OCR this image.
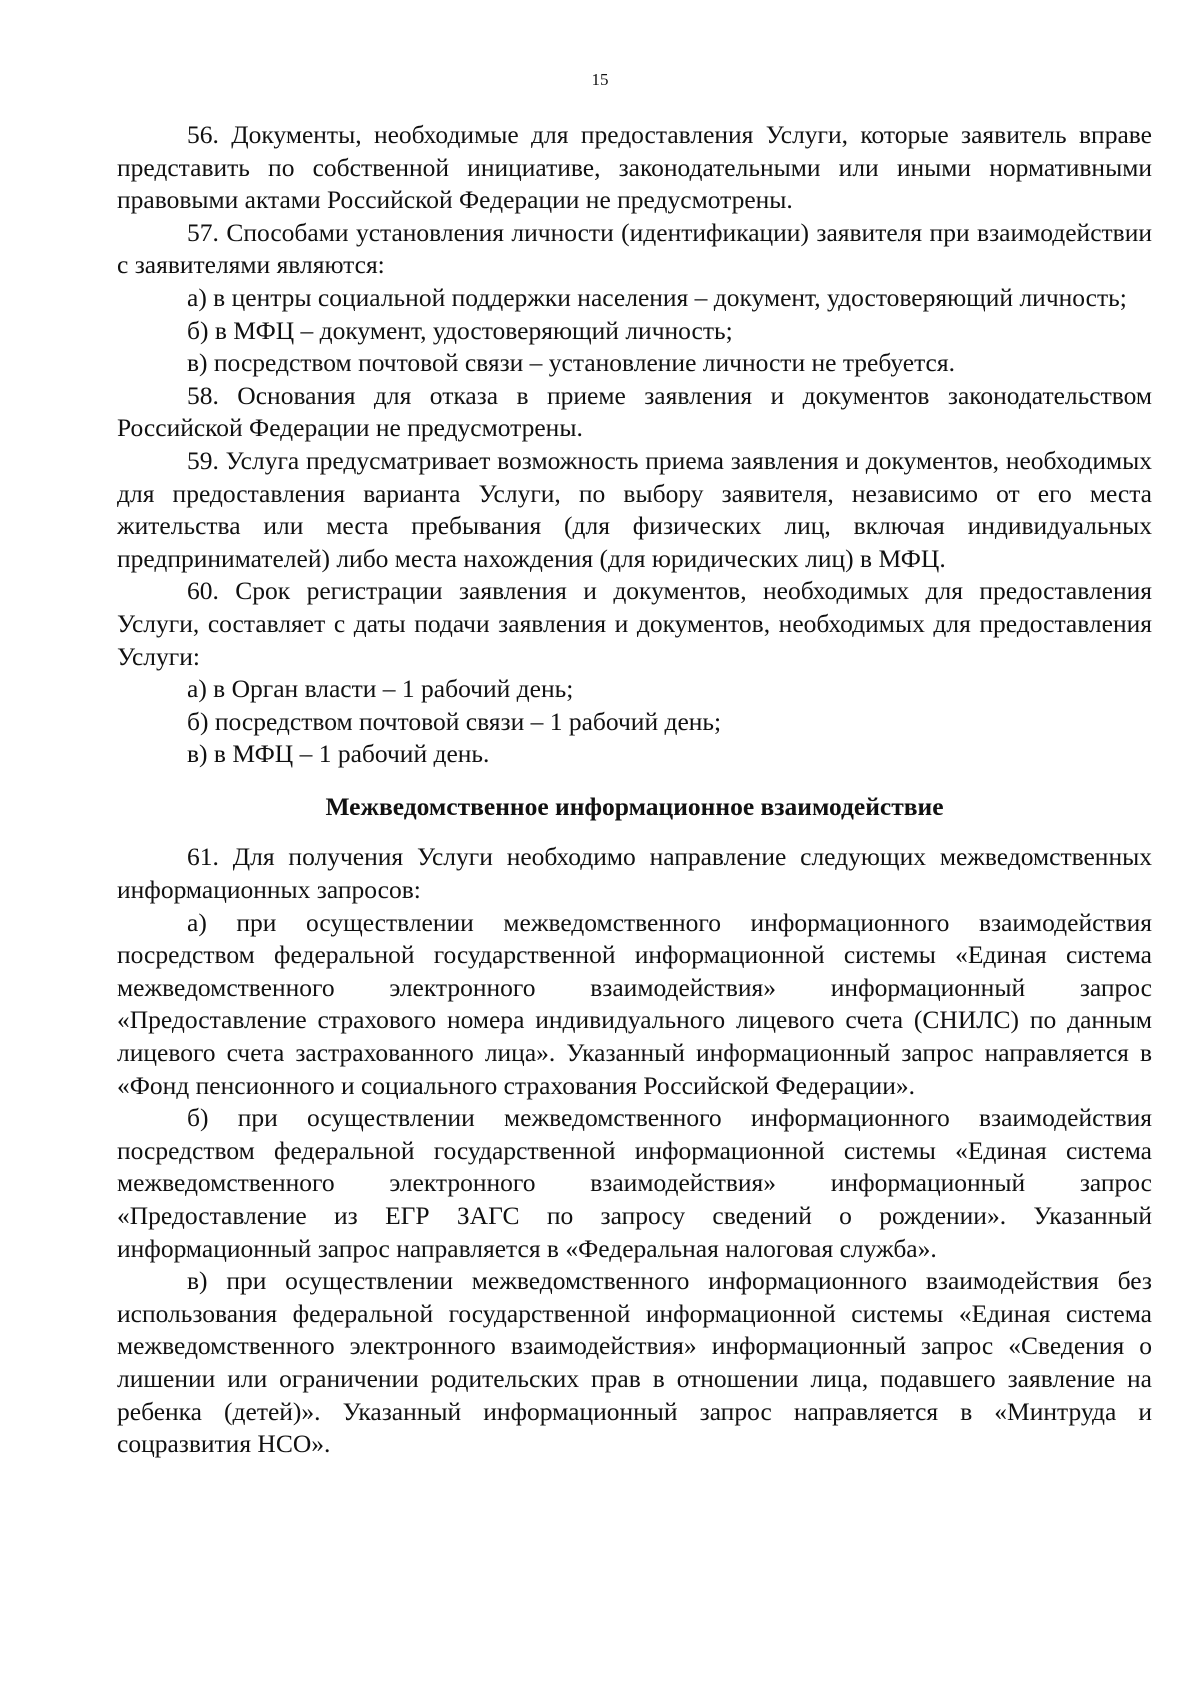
15

56. Документы, необходимые для предоставления Услуги, которые заявитель вправе представить по собственной инициативе, законодательными или иными нормативными правовыми актами Российской Федерации не предусмотрены.

57. Способами установления личности (идентификации) заявителя при взаимодействии с заявителями являются:

а) в центры социальной поддержки населения – документ, удостоверяющий личность;

б) в МФЦ – документ, удостоверяющий личность;

в) посредством почтовой связи – установление личности не требуется.

58. Основания для отказа в приеме заявления и документов законодательством Российской Федерации не предусмотрены.

59. Услуга предусматривает возможность приема заявления и документов, необходимых для предоставления варианта Услуги, по выбору заявителя, независимо от его места жительства или места пребывания (для физических лиц, включая индивидуальных предпринимателей) либо места нахождения (для юридических лиц) в МФЦ.

60. Срок регистрации заявления и документов, необходимых для предоставления Услуги, составляет с даты подачи заявления и документов, необходимых для предоставления Услуги:

а) в Орган власти – 1 рабочий день;

б) посредством почтовой связи – 1 рабочий день;

в) в МФЦ – 1 рабочий день.

Межведомственное информационное взаимодействие

61. Для получения Услуги необходимо направление следующих межведомственных информационных запросов:

а) при осуществлении межведомственного информационного взаимодействия посредством федеральной государственной информационной системы «Единая система межведомственного электронного взаимодействия» информационный запрос «Предоставление страхового номера индивидуального лицевого счета (СНИЛС) по данным лицевого счета застрахованного лица». Указанный информационный запрос направляется в «Фонд пенсионного и социального страхования Российской Федерации».

б) при осуществлении межведомственного информационного взаимодействия посредством федеральной государственной информационной системы «Единая система межведомственного электронного взаимодействия» информационный запрос «Предоставление из ЕГР ЗАГС по запросу сведений о рождении». Указанный информационный запрос направляется в «Федеральная налоговая служба».

в) при осуществлении межведомственного информационного взаимодействия без использования федеральной государственной информационной системы «Единая система межведомственного электронного взаимодействия» информационный запрос «Сведения о лишении или ограничении родительских прав в отношении лица, подавшего заявление на ребенка (детей)». Указанный информационный запрос направляется в «Минтруда и соцразвития НСО».
